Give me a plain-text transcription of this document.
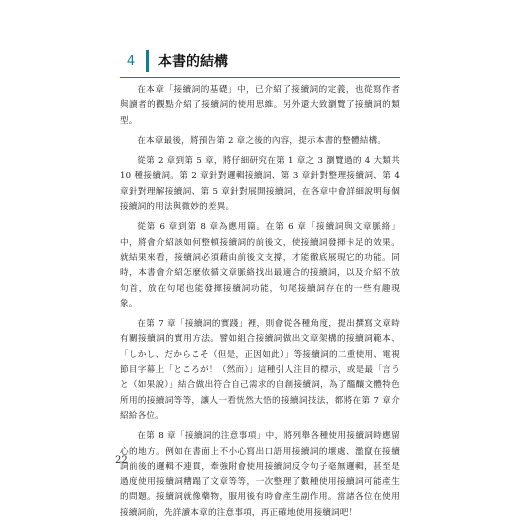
4	本書的結構

在本章「接續詞的基礎」中，已介紹了接續詞的定義，也從寫作者與讀者的觀點介紹了接續詞的使用思維。另外還大致瀏覽了接續詞的類型。

在本章最後，將預告第 2 章之後的內容，提示本書的整體結構。

從第 2 章到第 5 章，將仔細研究在第 1 章之 3 瀏覽過的 4 大類共 10 種接續詞。第 2 章針對邏輯接續詞、第 3 章針對整理接續詞、第 4 章針對理解接續詞、第 5 章針對展開接續詞，在各章中會詳細說明每個接續詞的用法與微妙的差異。

從第 6 章到第 8 章為應用篇。在第 6 章「接續詞與文章脈絡」中，將會介紹該如何整頓接續詞的前後文，使接續詞發揮卡足的效果。就結果來看，接續詞必須藉由前後文支撐，才能徹底展現它的功能。同時，本書會介紹怎麼依循文章脈絡找出最適合的接續詞，以及介紹不放句首，放在句尾也能發揮接續詞功能，句尾接續詞存在的一些有趣現象。

在第 7 章「接續詞的實踐」裡，則會從各種角度，提出撰寫文章時有關接續詞的實用方法。譬如組合接續詞做出文章架構的接續詞範本、「しかし、だからこそ（但是，正因如此）」等接續詞的二重使用、電視節目字幕上「ところが！（然而）」這種引人注目的標示，或是最「言うと（如果說）」結合做出符合自己需求的自創接續詞，為了醞釀文體特色所用的接續詞等等，讓人一看恍然大悟的接續詞技法，都將在第 7 章介紹給各位。

在第 8 章「接續詞的注意事項」中，將列舉各種使用接續詞時應留心的地方。例如在書面上不小心寫出口語用接續詞的壞處、濫竄在接續詞前後的邏輯不連貫，牽強附會使用接續詞反令句子毫無邏輯，甚至是過度使用接續詞糟蹋了文章等等，一次整理了數種使用接續詞可能產生的問題。接續詞就像藥物，服用後有時會產生副作用。當諸各位在使用接續詞前，先詳讀本章的注意事項，再正確地使用接續詞吧！

22
